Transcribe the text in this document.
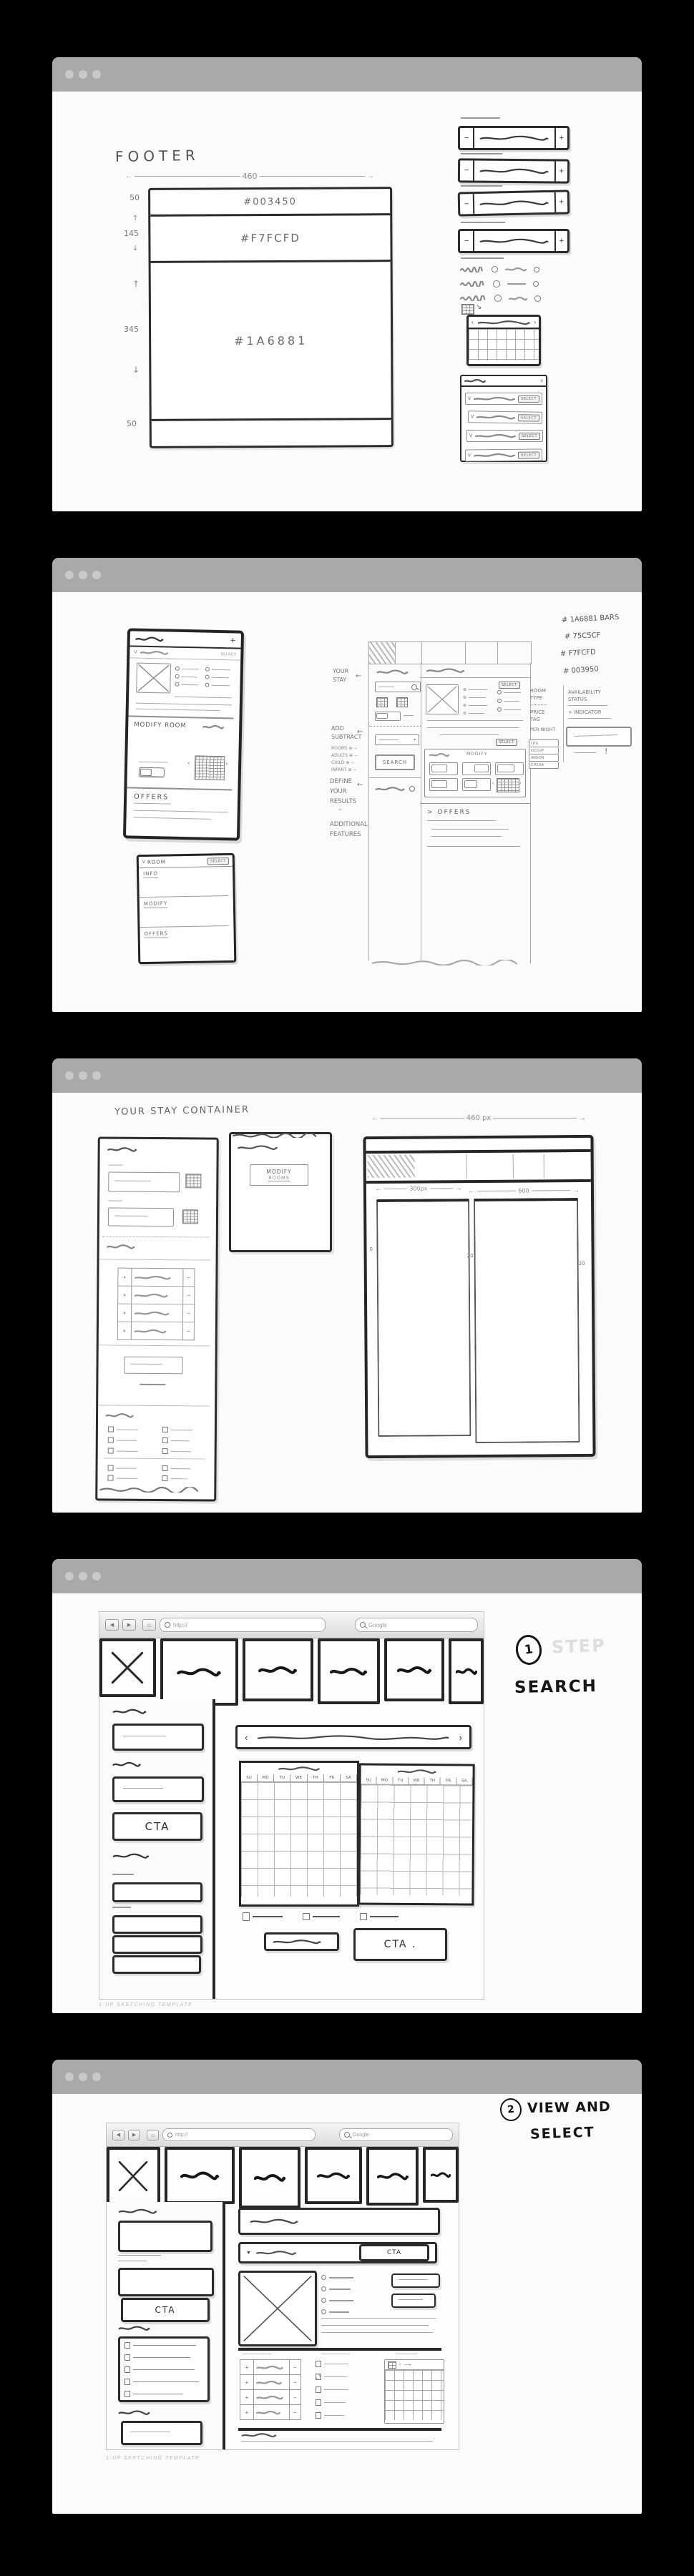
FOOTER
←	460	→
#003450
#F7FCFD
#1A6881
50
↑
145
↓
↑
345
↓
50
−	+
−	+
−	+
−	+
↘
‹	›
x
V	SELECT
V	SELECT
V	SELECT
V	SELECT
+
V	SELECT
MODIFY ROOM
‹	›
OFFERS
V ROOM	SELECT
INFO
MODIFY
OFFERS
▾
SEARCH
SELECT
⊕
⊕
⊕
⊕
SELECT
MODIFY
‹	›
> OFFERS
YOUR
STAY ←
ADD
SUBTRACT
←
ROOMS ⊕ −
ADULTS ⊕ −
CHILD ⊕ −
INFANT ⊕ −
DEFINE
YOUR
RESULTS
←
”
ADDITIONAL
FEATURES
# 1A6881 BARS
# 75C5CF
# F7FCFD
# 003950
ROOM
TYPE
PRICE
TAG
PER NIGHT
LITE
OCCUP
ARGON
CHILEA
AVAILABILITY
STATUS
+ INDICATOR
!
YOUR STAY CONTAINER
+	−
+	−
+	−
+	−
MODIFY
ROOMS
←	460 px	→
←	300px	→ ←	600	→
0
20
20
◀	▶	⌂	http://	Google
CTA
‹	›
SU	MO	TU	WE	TH	FR	SA
SU	MO	TU	WE	TH	FR	SA
CTA .
1-UP SKETCHING TEMPLATE
1	STEP
SEARCH
◀	▶	⌂	http://	Google
CTA
▼	CTA
+	−
+	−
+	−
+	−
‹ ⟶
1-UP SKETCHING TEMPLATE
2 VIEW AND
SELECT
